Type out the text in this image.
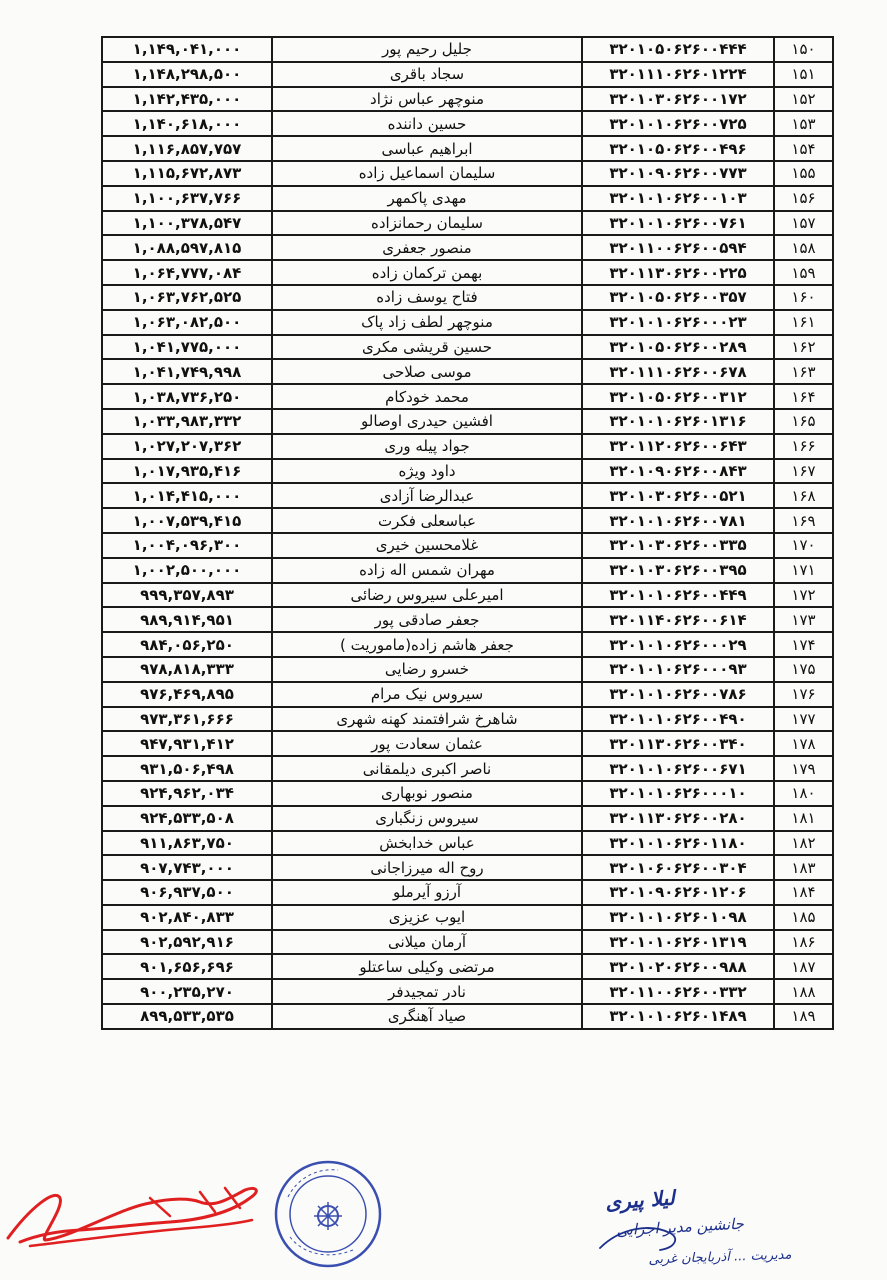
۱,۱۴۹,۰۴۱,۰۰۰	جلیل رحیم پور	۳۲۰۱۰۵۰۶۲۶۰۰۴۴۴	۱۵۰
۱,۱۴۸,۲۹۸,۵۰۰	سجاد باقری	۳۲۰۱۱۱۰۶۲۶۰۱۲۲۴	۱۵۱
۱,۱۴۲,۴۳۵,۰۰۰	منوچهر عباس نژاد	۳۲۰۱۰۳۰۶۲۶۰۰۱۷۲	۱۵۲
۱,۱۴۰,۶۱۸,۰۰۰	حسین داننده	۳۲۰۱۰۱۰۶۲۶۰۰۷۲۵	۱۵۳
۱,۱۱۶,۸۵۷,۷۵۷	ابراهیم عباسی	۳۲۰۱۰۵۰۶۲۶۰۰۴۹۶	۱۵۴
۱,۱۱۵,۶۷۲,۸۷۳	سلیمان اسماعیل زاده	۳۲۰۱۰۹۰۶۲۶۰۰۷۷۳	۱۵۵
۱,۱۰۰,۶۳۷,۷۶۶	مهدی پاکمهر	۳۲۰۱۰۱۰۶۲۶۰۰۱۰۳	۱۵۶
۱,۱۰۰,۳۷۸,۵۴۷	سلیمان رحمانزاده	۳۲۰۱۰۱۰۶۲۶۰۰۷۶۱	۱۵۷
۱,۰۸۸,۵۹۷,۸۱۵	منصور جعفری	۳۲۰۱۱۰۰۶۲۶۰۰۵۹۴	۱۵۸
۱,۰۶۴,۷۷۷,۰۸۴	بهمن ترکمان زاده	۳۲۰۱۱۳۰۶۲۶۰۰۲۲۵	۱۵۹
۱,۰۶۳,۷۶۲,۵۲۵	فتاح یوسف زاده	۳۲۰۱۰۵۰۶۲۶۰۰۳۵۷	۱۶۰
۱,۰۶۳,۰۸۲,۵۰۰	منوچهر لطف زاد پاک	۳۲۰۱۰۱۰۶۲۶۰۰۰۲۳	۱۶۱
۱,۰۴۱,۷۷۵,۰۰۰	حسین قریشی مکری	۳۲۰۱۰۵۰۶۲۶۰۰۲۸۹	۱۶۲
۱,۰۴۱,۷۴۹,۹۹۸	موسی صلاحی	۳۲۰۱۱۱۰۶۲۶۰۰۶۷۸	۱۶۳
۱,۰۳۸,۷۳۶,۲۵۰	محمد خودکام	۳۲۰۱۰۵۰۶۲۶۰۰۳۱۲	۱۶۴
۱,۰۳۳,۹۸۳,۳۳۲	افشین حیدری اوصالو	۳۲۰۱۰۱۰۶۲۶۰۱۳۱۶	۱۶۵
۱,۰۲۷,۲۰۷,۳۶۲	جواد پیله وری	۳۲۰۱۱۲۰۶۲۶۰۰۶۴۳	۱۶۶
۱,۰۱۷,۹۳۵,۴۱۶	داود ویژه	۳۲۰۱۰۹۰۶۲۶۰۰۸۴۳	۱۶۷
۱,۰۱۴,۴۱۵,۰۰۰	عبدالرضا آزادی	۳۲۰۱۰۳۰۶۲۶۰۰۵۲۱	۱۶۸
۱,۰۰۷,۵۳۹,۴۱۵	عباسعلی فکرت	۳۲۰۱۰۱۰۶۲۶۰۰۷۸۱	۱۶۹
۱,۰۰۴,۰۹۶,۳۰۰	غلامحسین خیری	۳۲۰۱۰۳۰۶۲۶۰۰۳۳۵	۱۷۰
۱,۰۰۲,۵۰۰,۰۰۰	مهران شمس اله زاده	۳۲۰۱۰۳۰۶۲۶۰۰۳۹۵	۱۷۱
۹۹۹,۳۵۷,۸۹۳	امیرعلی سیروس رضائی	۳۲۰۱۰۱۰۶۲۶۰۰۴۴۹	۱۷۲
۹۸۹,۹۱۴,۹۵۱	جعفر صادقی پور	۳۲۰۱۱۴۰۶۲۶۰۰۶۱۴	۱۷۳
۹۸۴,۰۵۶,۲۵۰	جعفر هاشم زاده(ماموریت )	۳۲۰۱۰۱۰۶۲۶۰۰۰۲۹	۱۷۴
۹۷۸,۸۱۸,۳۳۳	خسرو رضایی	۳۲۰۱۰۱۰۶۲۶۰۰۰۹۳	۱۷۵
۹۷۶,۴۶۹,۸۹۵	سیروس نیک مرام	۳۲۰۱۰۱۰۶۲۶۰۰۷۸۶	۱۷۶
۹۷۳,۳۶۱,۶۶۶	شاهرخ شرافتمند کهنه شهری	۳۲۰۱۰۱۰۶۲۶۰۰۴۹۰	۱۷۷
۹۴۷,۹۳۱,۴۱۲	عثمان سعادت پور	۳۲۰۱۱۳۰۶۲۶۰۰۳۴۰	۱۷۸
۹۳۱,۵۰۶,۴۹۸	ناصر اکبری دیلمقانی	۳۲۰۱۰۱۰۶۲۶۰۰۶۷۱	۱۷۹
۹۲۴,۹۶۲,۰۳۴	منصور نوبهاری	۳۲۰۱۰۱۰۶۲۶۰۰۰۱۰	۱۸۰
۹۲۴,۵۳۳,۵۰۸	سیروس زنگباری	۳۲۰۱۱۳۰۶۲۶۰۰۲۸۰	۱۸۱
۹۱۱,۸۶۳,۷۵۰	عباس خدابخش	۳۲۰۱۰۱۰۶۲۶۰۱۱۸۰	۱۸۲
۹۰۷,۷۴۳,۰۰۰	روح اله میرزاجانی	۳۲۰۱۰۶۰۶۲۶۰۰۳۰۴	۱۸۳
۹۰۶,۹۳۷,۵۰۰	آرزو آیرملو	۳۲۰۱۰۹۰۶۲۶۰۱۲۰۶	۱۸۴
۹۰۲,۸۴۰,۸۳۳	ایوب عزیزی	۳۲۰۱۰۱۰۶۲۶۰۱۰۹۸	۱۸۵
۹۰۲,۵۹۲,۹۱۶	آرمان میلانی	۳۲۰۱۰۱۰۶۲۶۰۱۳۱۹	۱۸۶
۹۰۱,۶۵۶,۶۹۶	مرتضی وکیلی ساعتلو	۳۲۰۱۰۲۰۶۲۶۰۰۹۸۸	۱۸۷
۹۰۰,۲۳۵,۲۷۰	نادر تمجیدفر	۳۲۰۱۱۰۰۶۲۶۰۰۳۳۲	۱۸۸
۸۹۹,۵۳۳,۵۳۵	صیاد آهنگری	۳۲۰۱۰۱۰۶۲۶۰۱۴۸۹	۱۸۹
لیلا پیری
جانشین مدیر اجرایی
مدیریت ... آذربایجان غربی
